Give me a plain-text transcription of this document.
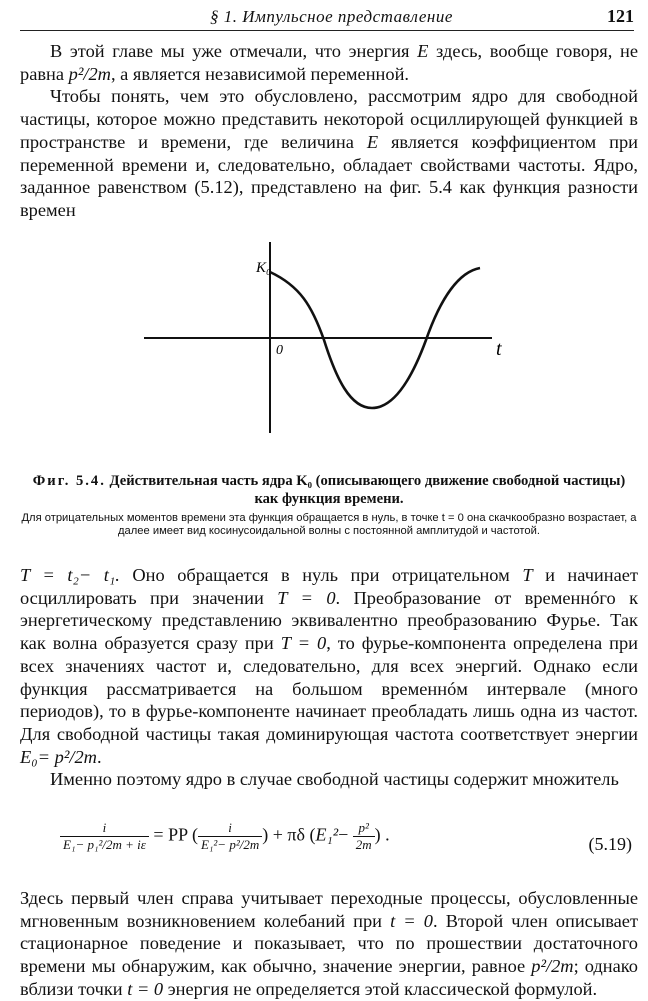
§ 1. Импульсное представление	121

В этой главе мы уже отмечали, что энергия E здесь, вообще говоря, не равна p²/2m, а является независимой переменной.

Чтобы понять, чем это обусловлено, рассмотрим ядро для свободной частицы, которое можно представить некоторой осциллирующей функцией в пространстве и времени, где величина E является коэффициентом при переменной времени и, следовательно, обладает свойствами частоты. Ядро, заданное равенством (5.12), представлено на фиг. 5.4 как функция разности времен

K₀
0	t
Фиг. 5.4. Действительная часть ядра K₀ (описывающего движение свободной частицы) как функция времени.
Для отрицательных моментов времени эта функция обращается в нуль, в точке t = 0 она скачкообразно возрастает, а далее имеет вид косинусоидальной волны с постоянной амплитудой и частотой.

T = t₂− t₁. Оно обращается в нуль при отрицательном T и начинает осциллировать при значении T = 0. Преобразование от временнóго к энергетическому представлению эквивалентно преобразованию Фурье. Так как волна образуется сразу при T = 0, то фурье-компонента определена при всех значениях частот и, следовательно, для всех энергий. Однако если функция рассматривается на большом временнóм интервале (много периодов), то в фурье-компоненте начинает преобладать лишь одна из частот. Для свободной частицы такая доминирующая частота соответствует энергии E₀= p²/2m.

Именно поэтому ядро в случае свободной частицы содержит множитель

$\frac{i}{\text{E₁− p₁²/2m + iε}}$ = PP ( $\frac{i}{\text{E₁²− p²/2m}}$ ) + πδ ($E_1^2- \frac{\text{p²}}{2m}$ ) .	(5.19)

Здесь первый член справа учитывает переходные процессы, обусловленные мгновенным возникновением колебаний при t = 0. Второй член описывает стационарное поведение и показывает, что по прошествии достаточного времени мы обнаружим, как обычно, значение энергии, равное p²/2m; однако вблизи точки t = 0 энергия не определяется этой классической формулой.
